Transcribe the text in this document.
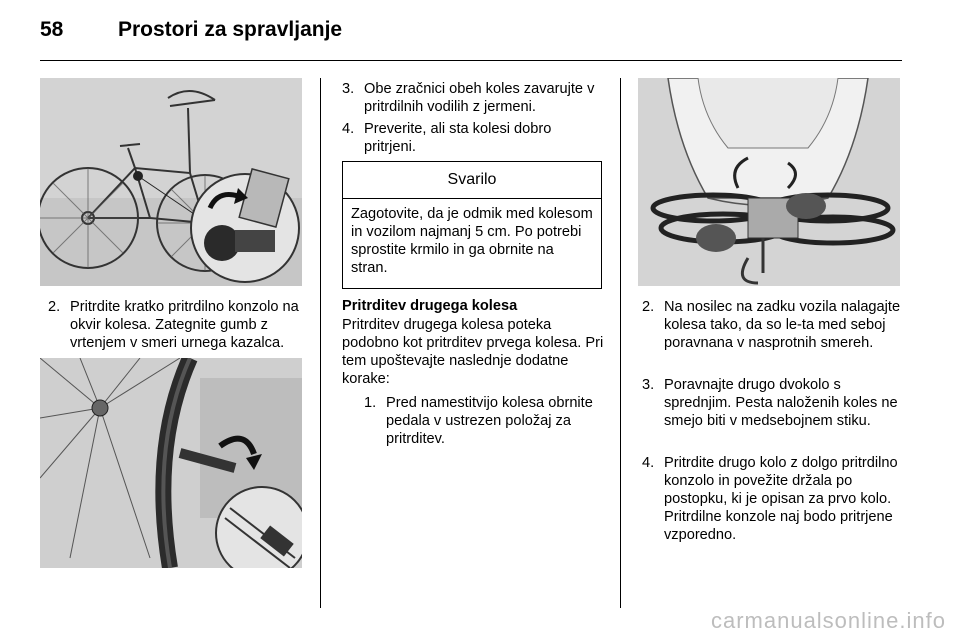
58	Prostori za spravljanje
2. Pritrdite kratko pritrdilno konzolo na okvir kolesa. Zategnite gumb z vrtenjem v smeri urnega kazalca.
3. Obe zračnici obeh koles zavarujte v pritrdilnih vodilih z jermeni.
4. Preverite, ali sta kolesi dobro pritrjeni.
Svarilo
Zagotovite, da je odmik med kolesom in vozilom najmanj 5 cm. Po potrebi sprostite krmilo in ga obrnite na stran.
Pritrditev drugega kolesa
Pritrditev drugega kolesa poteka podobno kot pritrditev prvega kolesa. Pri tem upoštevajte naslednje dodatne korake:
1. Pred namestitvijo kolesa obrnite pedala v ustrezen položaj za pritrditev.
2. Na nosilec na zadku vozila nalagajte kolesa tako, da so le-ta med seboj poravnana v nasprotnih smereh.
3. Poravnajte drugo dvokolo s sprednjim. Pesta naloženih koles ne smejo biti v medsebojnem stiku.
4. Pritrdite drugo kolo z dolgo pritrdilno konzolo in povežite držala po postopku, ki je opisan za prvo kolo. Pritrdilne konzole naj bodo pritrjene vzporedno.
carmanualsonline.info
